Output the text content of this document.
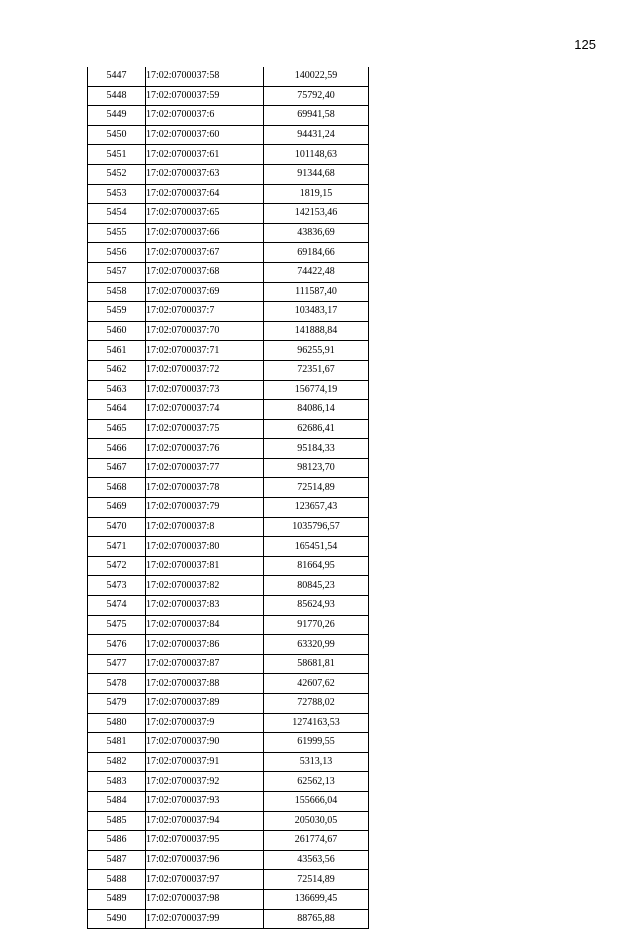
125
5447	17:02:0700037:58	140022,59
5448	17:02:0700037:59	75792,40
5449	17:02:0700037:6	69941,58
5450	17:02:0700037:60	94431,24
5451	17:02:0700037:61	101148,63
5452	17:02:0700037:63	91344,68
5453	17:02:0700037:64	1819,15
5454	17:02:0700037:65	142153,46
5455	17:02:0700037:66	43836,69
5456	17:02:0700037:67	69184,66
5457	17:02:0700037:68	74422,48
5458	17:02:0700037:69	111587,40
5459	17:02:0700037:7	103483,17
5460	17:02:0700037:70	141888,84
5461	17:02:0700037:71	96255,91
5462	17:02:0700037:72	72351,67
5463	17:02:0700037:73	156774,19
5464	17:02:0700037:74	84086,14
5465	17:02:0700037:75	62686,41
5466	17:02:0700037:76	95184,33
5467	17:02:0700037:77	98123,70
5468	17:02:0700037:78	72514,89
5469	17:02:0700037:79	123657,43
5470	17:02:0700037:8	1035796,57
5471	17:02:0700037:80	165451,54
5472	17:02:0700037:81	81664,95
5473	17:02:0700037:82	80845,23
5474	17:02:0700037:83	85624,93
5475	17:02:0700037:84	91770,26
5476	17:02:0700037:86	63320,99
5477	17:02:0700037:87	58681,81
5478	17:02:0700037:88	42607,62
5479	17:02:0700037:89	72788,02
5480	17:02:0700037:9	1274163,53
5481	17:02:0700037:90	61999,55
5482	17:02:0700037:91	5313,13
5483	17:02:0700037:92	62562,13
5484	17:02:0700037:93	155666,04
5485	17:02:0700037:94	205030,05
5486	17:02:0700037:95	261774,67
5487	17:02:0700037:96	43563,56
5488	17:02:0700037:97	72514,89
5489	17:02:0700037:98	136699,45
5490	17:02:0700037:99	88765,88
